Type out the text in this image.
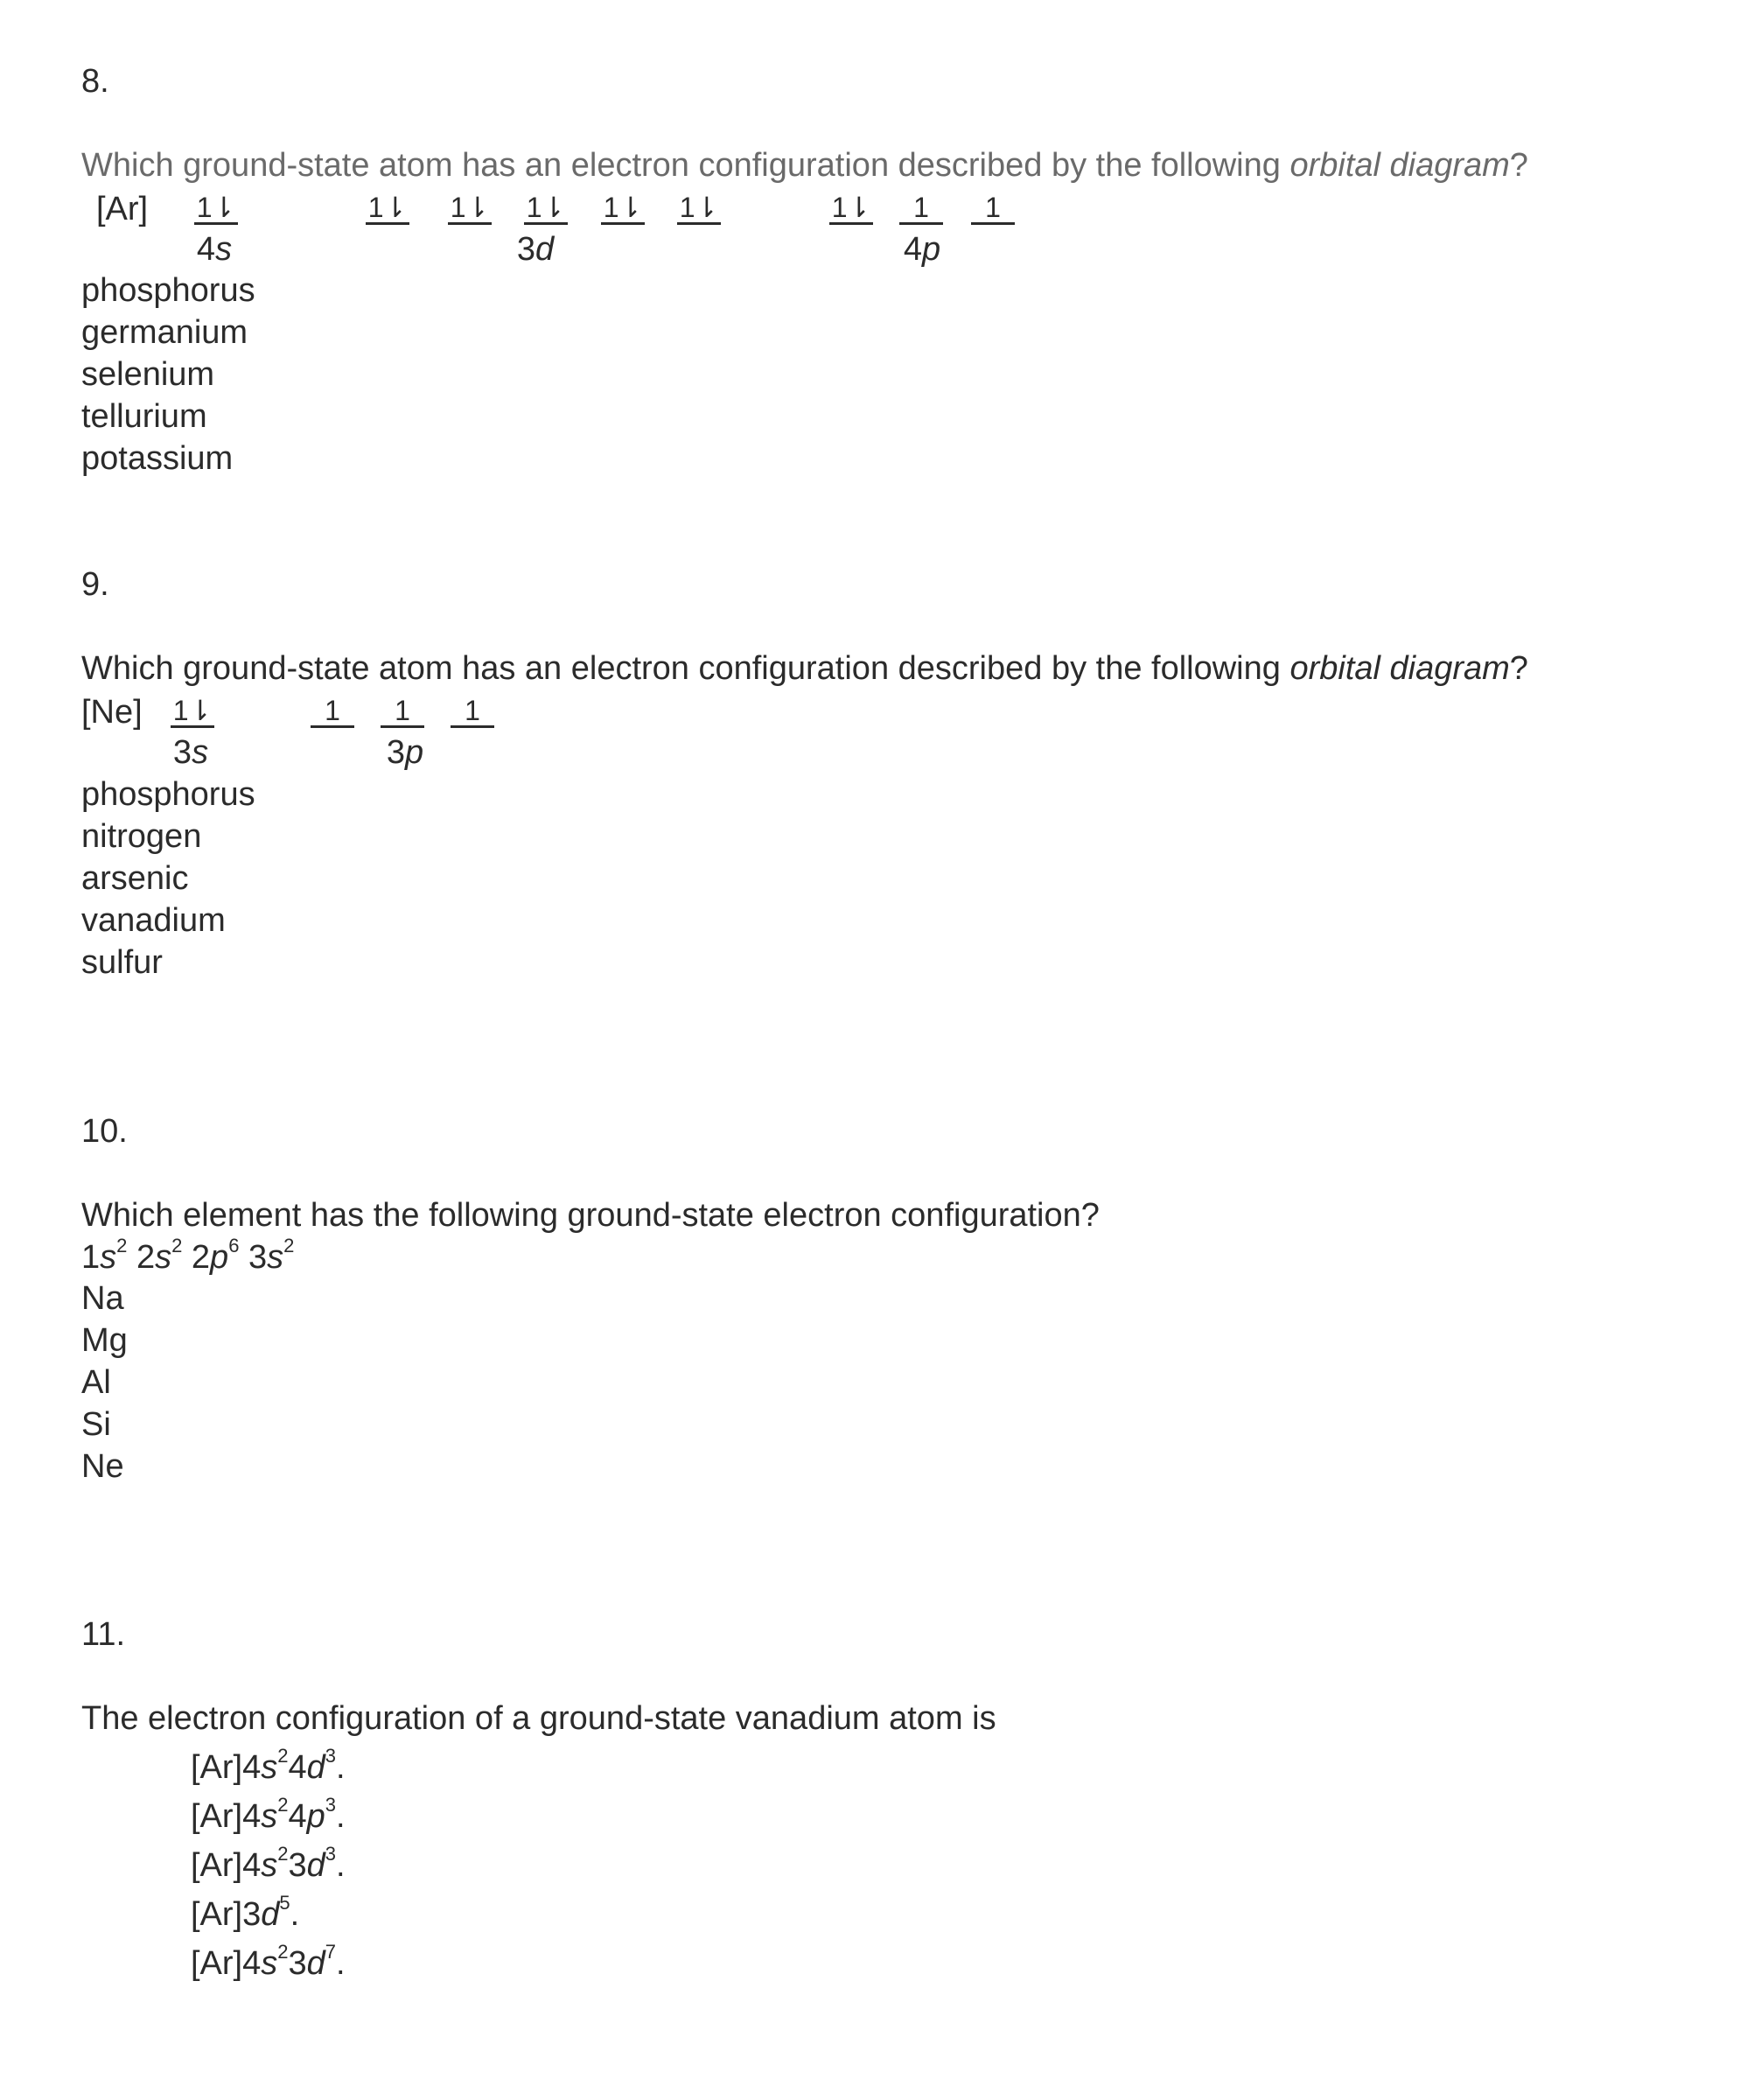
8.
Which ground-state atom has an electron configuration described by the following orbital diagram?
[Ar] 1⇂	1⇂ 1⇂ 1⇂ 1⇂ 1⇂	1⇂	1	1
4s	3d	4p
phosphorus
germanium
selenium
tellurium
potassium
9.
Which ground-state atom has an electron configuration described by the following orbital diagram?
[Ne] 1⇂	1	1	1
3s	3p
phosphorus
nitrogen
arsenic
vanadium
sulfur
10.
Which element has the following ground-state electron configuration?
$1s^2$ $2s^2$ $2p^6$ $3s^2$
Na
Mg
Al
Si
Ne
11.
The electron configuration of a ground-state vanadium atom is
$[Ar]4s^24d^3$.
$[Ar]4s^24p^3$.
$[Ar]4s^23d^3$.
$[Ar]3d^5$.
$[Ar]4s^23d^7$.
